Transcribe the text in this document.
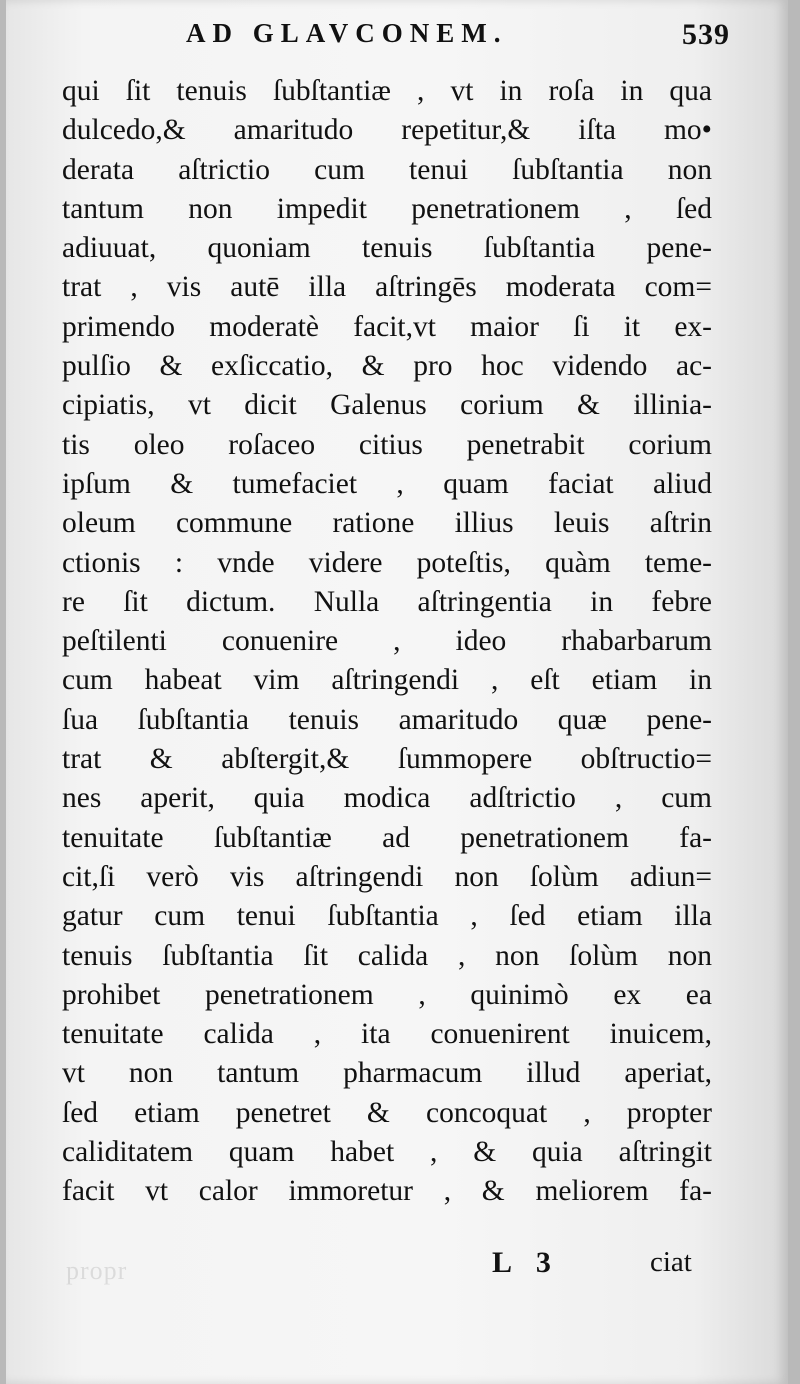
propr
AD GLAVCONEM.	539
qui ſit tenuis ſubſtantiæ , vt in roſa in qua
dulcedo,& amaritudo repetitur,& iſta mo•
derata aſtrictio cum tenui ſubſtantia non
tantum non impedit penetrationem , ſed
adiuuat, quoniam tenuis ſubſtantia pene-
trat , vis autē illa aſtringēs moderata com=
primendo moderatè facit,vt maior ſi it ex-
pulſio & exſiccatio, & pro hoc videndo ac-
cipiatis, vt dicit Galenus corium & illinia-
tis oleo roſaceo citius penetrabit corium
ipſum & tumefaciet , quam faciat aliud
oleum commune ratione illius leuis aſtrin
ctionis : vnde videre poteſtis, quàm teme-
re ſit dictum. Nulla aſtringentia in febre
peſtilenti conuenire , ideo rhabarbarum
cum habeat vim aſtringendi , eſt etiam in
ſua ſubſtantia tenuis amaritudo quæ pene-
trat & abſtergit,& ſummopere obſtructio=
nes aperit, quia modica adſtrictio , cum
tenuitate ſubſtantiæ ad penetrationem fa-
cit,ſi verò vis aſtringendi non ſolùm adiun=
gatur cum tenui ſubſtantia , ſed etiam illa
tenuis ſubſtantia ſit calida , non ſolùm non
prohibet penetrationem , quinimò ex ea
tenuitate calida , ita conuenirent inuicem,
vt non tantum pharmacum illud aperiat,
ſed etiam penetret & concoquat , propter
caliditatem quam habet , & quia aſtringit
facit vt calor immoretur , & meliorem fa-
L 3	ciat
